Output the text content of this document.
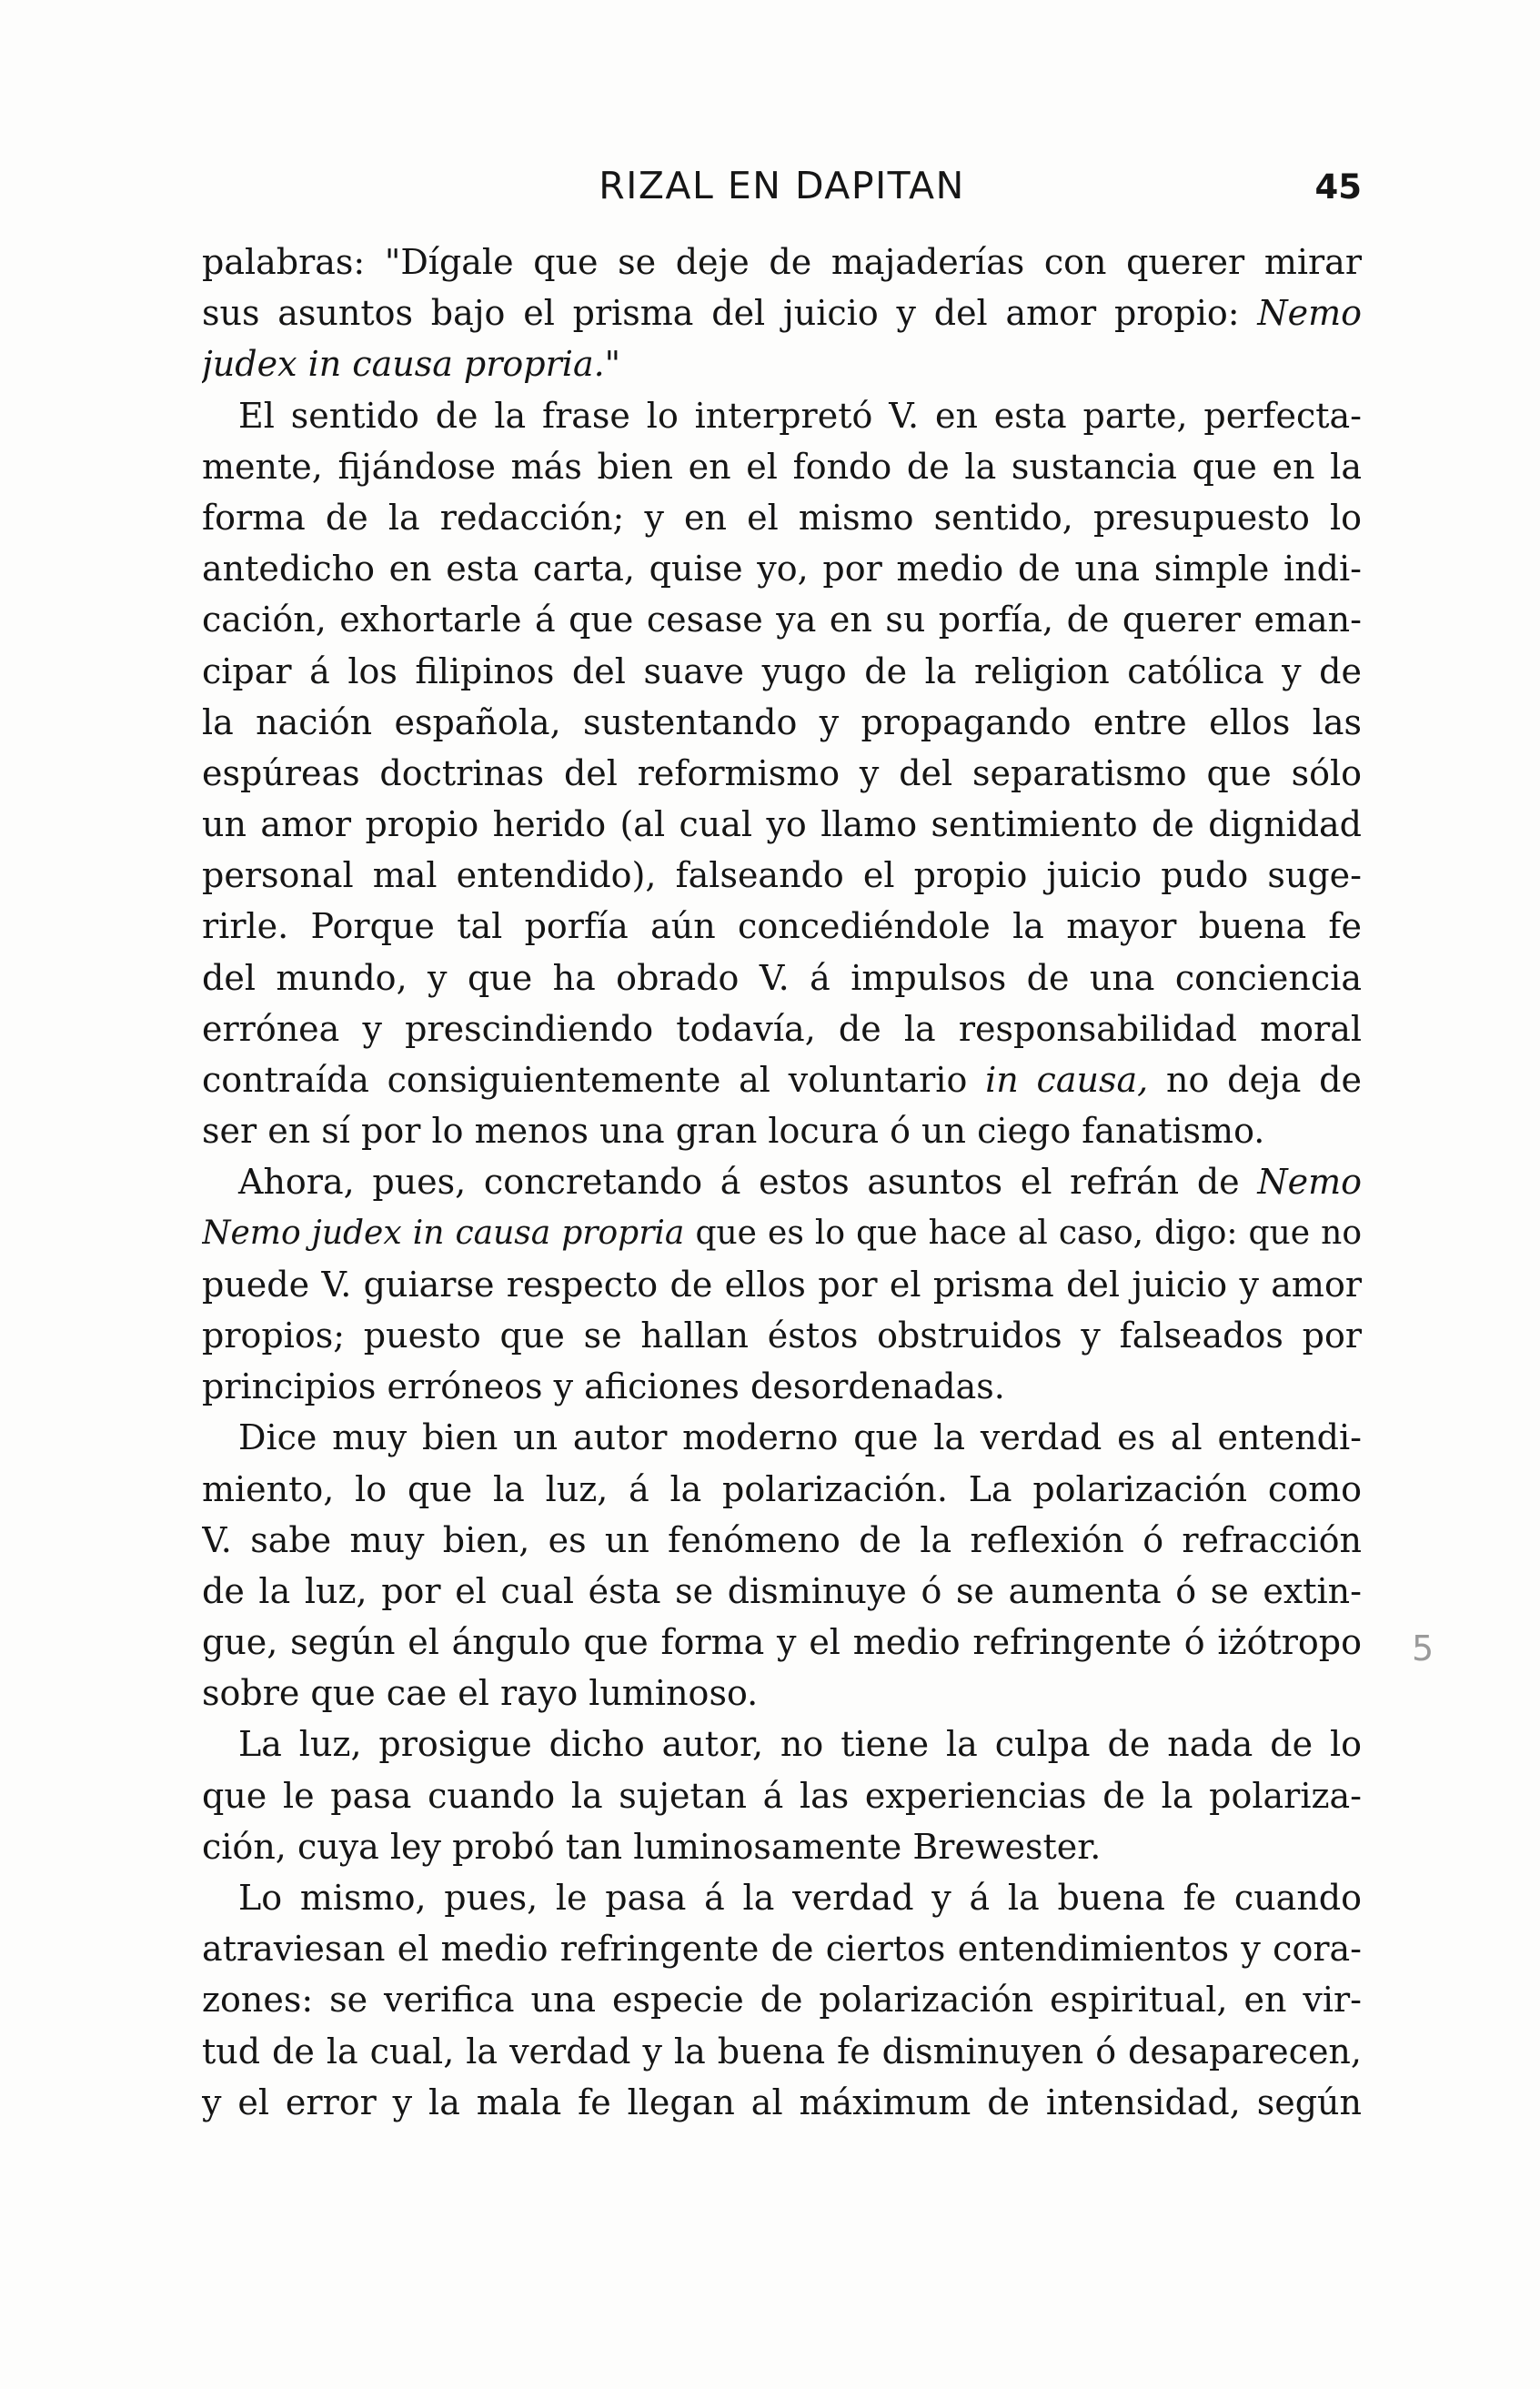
RIZAL EN DAPITAN	45
palabras: "Dígale que se deje de majaderías con querer mirar
sus asuntos bajo el prisma del juicio y del amor propio: Nemo
judex in causa propria."
El sentido de la frase lo interpretó V. en esta parte, perfecta-
mente, fijándose más bien en el fondo de la sustancia que en la
forma de la redacción; y en el mismo sentido, presupuesto lo
antedicho en esta carta, quise yo, por medio de una simple indi-
cación, exhortarle á que cesase ya en su porfía, de querer eman-
cipar á los filipinos del suave yugo de la religion católica y de
la nación española, sustentando y propagando entre ellos las
espúreas doctrinas del reformismo y del separatismo que sólo
un amor propio herido (al cual yo llamo sentimiento de dignidad
personal mal entendido), falseando el propio juicio pudo suge-
rirle. Porque tal porfía aún concediéndole la mayor buena fe
del mundo, y que ha obrado V. á impulsos de una conciencia
errónea y prescindiendo todavía, de la responsabilidad moral
contraída consiguientemente al voluntario in causa, no deja de
ser en sí por lo menos una gran locura ó un ciego fanatismo.
Ahora, pues, concretando á estos asuntos el refrán de Nemo
Nemo judex in causa propria que es lo que hace al caso, digo: que no
puede V. guiarse respecto de ellos por el prisma del juicio y amor
propios; puesto que se hallan éstos obstruidos y falseados por
principios erróneos y aficiones desordenadas.
Dice muy bien un autor moderno que la verdad es al entendi-
miento, lo que la luz, á la polarización. La polarización como
V. sabe muy bien, es un fenómeno de la reflexión ó refracción
de la luz, por el cual ésta se disminuye ó se aumenta ó se extin-
gue, según el ángulo que forma y el medio refringente ó iżótropo
sobre que cae el rayo luminoso.
La luz, prosigue dicho autor, no tiene la culpa de nada de lo
que le pasa cuando la sujetan á las experiencias de la polariza-
ción, cuya ley probó tan luminosamente Brewester.
Lo mismo, pues, le pasa á la verdad y á la buena fe cuando
atraviesan el medio refringente de ciertos entendimientos y cora-
zones: se verifica una especie de polarización espiritual, en vir-
tud de la cual, la verdad y la buena fe disminuyen ó desaparecen,
y el error y la mala fe llegan al máximum de intensidad, según
5
